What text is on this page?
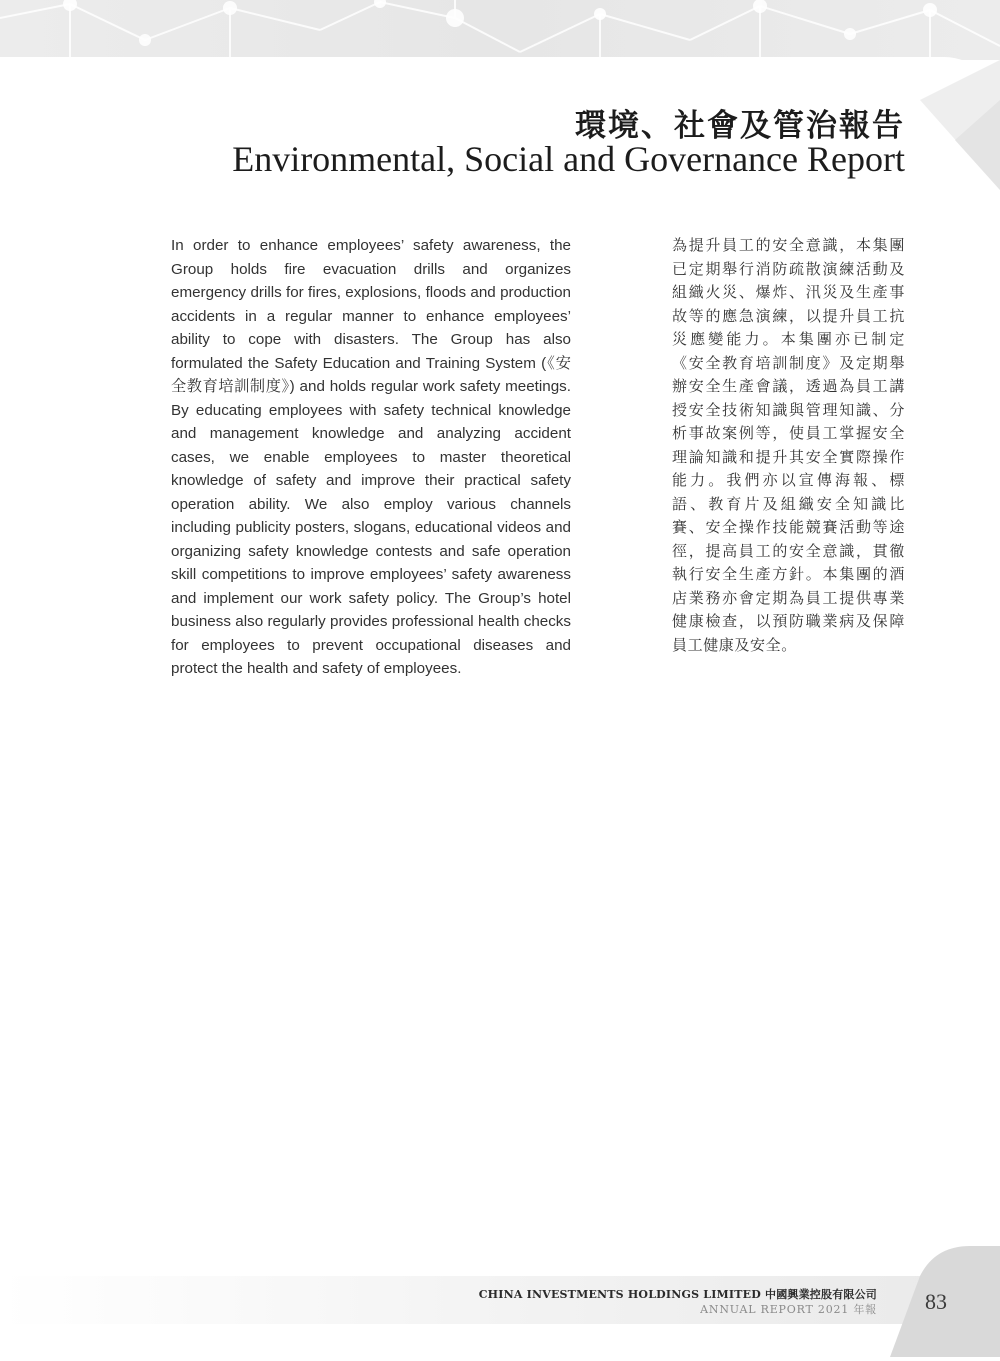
環境、社會及管治報告
Environmental, Social and Governance Report

In order to enhance employees’ safety awareness, the Group holds fire evacuation drills and organizes emergency drills for fires, explosions, floods and production accidents in a regular manner to enhance employees’ ability to cope with disasters. The Group has also formulated the Safety Education and Training System (《安全教育培訓制度》) and holds regular work safety meetings. By educating employees with safety technical knowledge and management knowledge and analyzing accident cases, we enable employees to master theoretical knowledge of safety and improve their practical safety operation ability. We also employ various channels including publicity posters, slogans, educational videos and organizing safety knowledge contests and safe operation skill competitions to improve employees’ safety awareness and implement our work safety policy. The Group’s hotel business also regularly provides professional health checks for employees to prevent occupational diseases and protect the health and safety of employees.

為提升員工的安全意識，本集團已定期舉行消防疏散演練活動及組織火災、爆炸、汛災及生產事故等的應急演練，以提升員工抗災應變能力。本集團亦已制定《安全教育培訓制度》及定期舉辦安全生產會議，透過為員工講授安全技術知識與管理知識、分析事故案例等，使員工掌握安全理論知識和提升其安全實際操作能力。我們亦以宣傳海報、標語、教育片及組織安全知識比賽、安全操作技能競賽活動等途徑，提高員工的安全意識，貫徹執行安全生產方針。本集團的酒店業務亦會定期為員工提供專業健康檢查，以預防職業病及保障員工健康及安全。

CHINA INVESTMENTS HOLDINGS LIMITED 中國興業控股有限公司
ANNUAL REPORT 2021 年報 83
